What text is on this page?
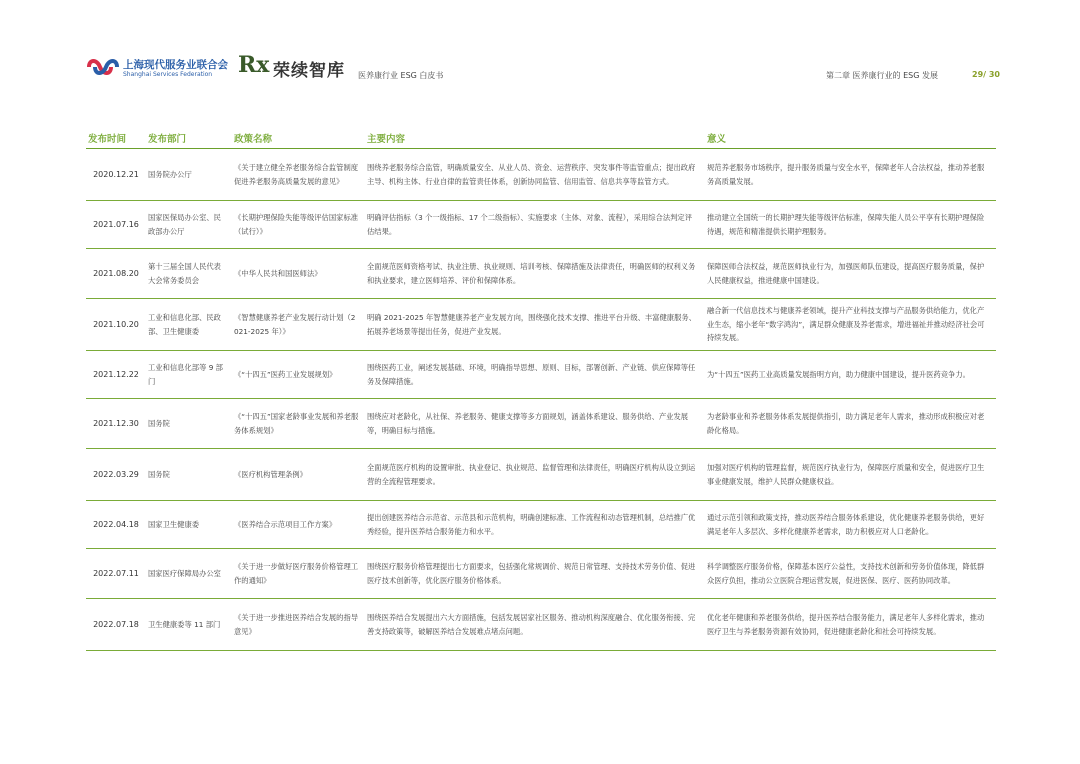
上海现代服务业联合会
Shanghai Services Federation Rx 荣续智库 医养康行业 ESG 白皮书	第二章 医养康行业的 ESG 发展	29/ 30
发布时间	发布部门	政策名称	主要内容	意义
2020.12.21	国务院办公厅	《关于建立健全养老服务综合监管制度促进养老服务高质量发展的意见》	围绕养老服务综合监管，明确质量安全、从业人员、资金、运营秩序、突发事件等监管重点；提出政府主导、机构主体、行业自律的监管责任体系，创新协同监管、信用监管、信息共享等监管方式。	规范养老服务市场秩序，提升服务质量与安全水平，保障老年人合法权益，推动养老服务高质量发展。
2021.07.16	国家医保局办公室、民政部办公厅	《长期护理保险失能等级评估国家标准（试行）》	明确评估指标（3 个一级指标、17 个二级指标）、实施要求（主体、对象、流程），采用综合法判定评估结果。	推动建立全国统一的长期护理失能等级评估标准，保障失能人员公平享有长期护理保险待遇，规范和精准提供长期护理服务。
2021.08.20	第十三届全国人民代表大会常务委员会	《中华人民共和国医师法》	全面规范医师资格考试、执业注册、执业规则、培训考核、保障措施及法律责任，明确医师的权利义务和执业要求，建立医师培养、评价和保障体系。	保障医师合法权益，规范医师执业行为，加强医师队伍建设，提高医疗服务质量，保护人民健康权益，推进健康中国建设。
2021.10.20	工业和信息化部、民政部、卫生健康委	《智慧健康养老产业发展行动计划（2021-2025 年）》	明确 2021-2025 年智慧健康养老产业发展方向，围绕强化技术支撑、推进平台升级、丰富健康服务、拓展养老场景等提出任务，促进产业发展。	融合新一代信息技术与健康养老领域，提升产业科技支撑与产品服务供给能力，优化产业生态，缩小老年“数字鸿沟”，满足群众健康及养老需求，增进福祉并推动经济社会可持续发展。
2021.12.22	工业和信息化部等 9 部门	《“十四五”医药工业发展规划》	围绕医药工业，阐述发展基础、环境，明确指导思想、原则、目标，部署创新、产业链、供应保障等任务及保障措施。	为“十四五”医药工业高质量发展指明方向，助力健康中国建设，提升医药竞争力。
2021.12.30	国务院	《“十四五”国家老龄事业发展和养老服务体系规划》	围绕应对老龄化，从社保、养老服务、健康支撑等多方面规划，涵盖体系建设、服务供给、产业发展等，明确目标与措施。	为老龄事业和养老服务体系发展提供指引，助力满足老年人需求，推动形成积极应对老龄化格局。
2022.03.29	国务院	《医疗机构管理条例》	全面规范医疗机构的设置审批、执业登记、执业规范、监督管理和法律责任，明确医疗机构从设立到运营的全流程管理要求。	加强对医疗机构的管理监督，规范医疗执业行为，保障医疗质量和安全，促进医疗卫生事业健康发展，维护人民群众健康权益。
2022.04.18	国家卫生健康委	《医养结合示范项目工作方案》	提出创建医养结合示范省、示范县和示范机构，明确创建标准、工作流程和动态管理机制，总结推广优秀经验，提升医养结合服务能力和水平。	通过示范引领和政策支持，推动医养结合服务体系建设，优化健康养老服务供给，更好满足老年人多层次、多样化健康养老需求，助力积极应对人口老龄化。
2022.07.11	国家医疗保障局办公室	《关于进一步做好医疗服务价格管理工作的通知》	围绕医疗服务价格管理提出七方面要求，包括强化常规调价、规范日常管理、支持技术劳务价值、促进医疗技术创新等，优化医疗服务价格体系。	科学调整医疗服务价格，保障基本医疗公益性，支持技术创新和劳务价值体现，降低群众医疗负担，推动公立医院合理运营发展，促进医保、医疗、医药协同改革。
2022.07.18	卫生健康委等 11 部门	《关于进一步推进医养结合发展的指导意见》	围绕医养结合发展提出六大方面措施，包括发展居家社区服务、推动机构深度融合、优化服务衔接、完善支持政策等，破解医养结合发展难点堵点问题。	优化老年健康和养老服务供给，提升医养结合服务能力，满足老年人多样化需求，推动医疗卫生与养老服务资源有效协同，促进健康老龄化和社会可持续发展。
